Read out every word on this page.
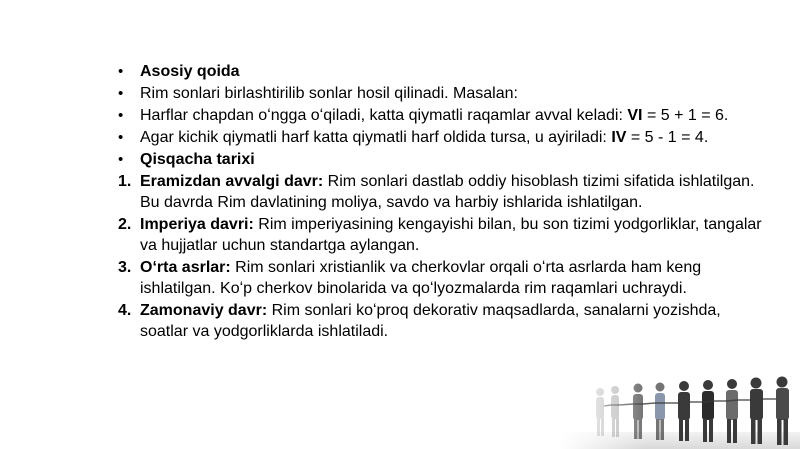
• Asosiy qoida
• Rim sonlari birlashtirilib sonlar hosil qilinadi. Masalan:
• Harflar chapdan oʻngga oʻqiladi, katta qiymatli raqamlar avval keladi: VI = 5 + 1 = 6.
• Agar kichik qiymatli harf katta qiymatli harf oldida tursa, u ayiriladi: IV = 5 - 1 = 4.
• Qisqacha tarixi
1. Eramizdan avvalgi davr: Rim sonlari dastlab oddiy hisoblash tizimi sifatida ishlatilgan. Bu davrda Rim davlatining moliya, savdo va harbiy ishlarida ishlatilgan.
2. Imperiya davri: Rim imperiyasining kengayishi bilan, bu son tizimi yodgorliklar, tangalar va hujjatlar uchun standartga aylangan.
3. Oʻrta asrlar: Rim sonlari xristianlik va cherkovlar orqali oʻrta asrlarda ham keng ishlatilgan. Koʻp cherkov binolarida va qoʻlyozmalarda rim raqamlari uchraydi.
4. Zamonaviy davr: Rim sonlari koʻproq dekorativ maqsadlarda, sanalarni yozishda, soatlar va yodgorliklarda ishlatiladi.
